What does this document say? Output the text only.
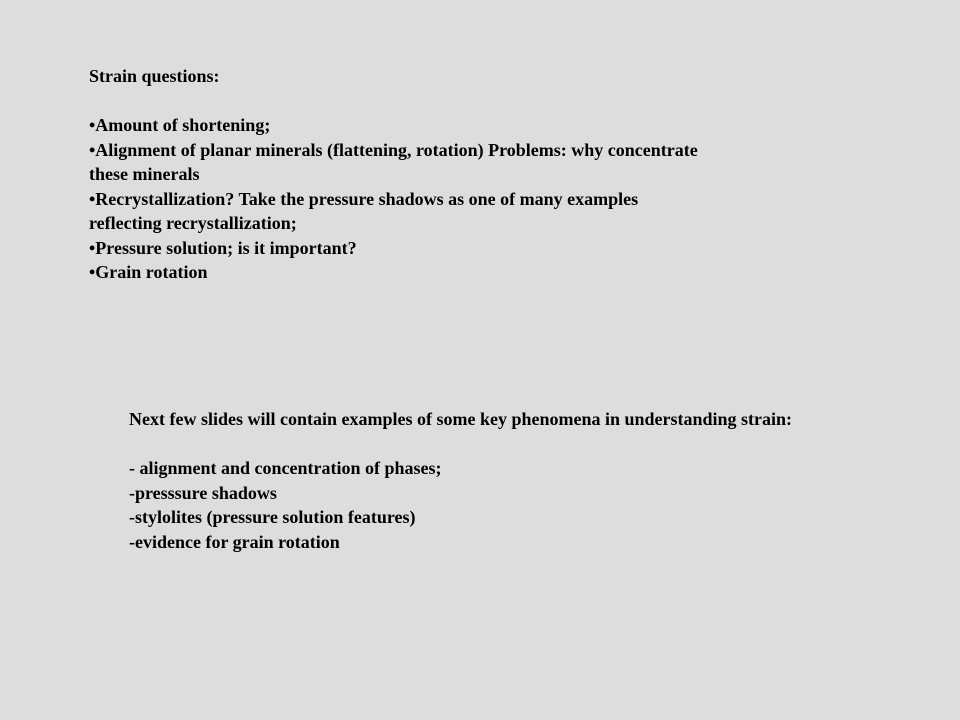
Strain questions:
•Amount of shortening;
•Alignment of planar minerals (flattening, rotation) Problems: why concentrate
these minerals
•Recrystallization? Take the pressure shadows as one of many examples
reflecting recrystallization;
•Pressure solution; is it important?
•Grain rotation
Next few slides will contain examples of some key phenomena in understanding strain:
- alignment and concentration of phases;
-presssure shadows
-stylolites (pressure solution features)
-evidence for grain rotation
